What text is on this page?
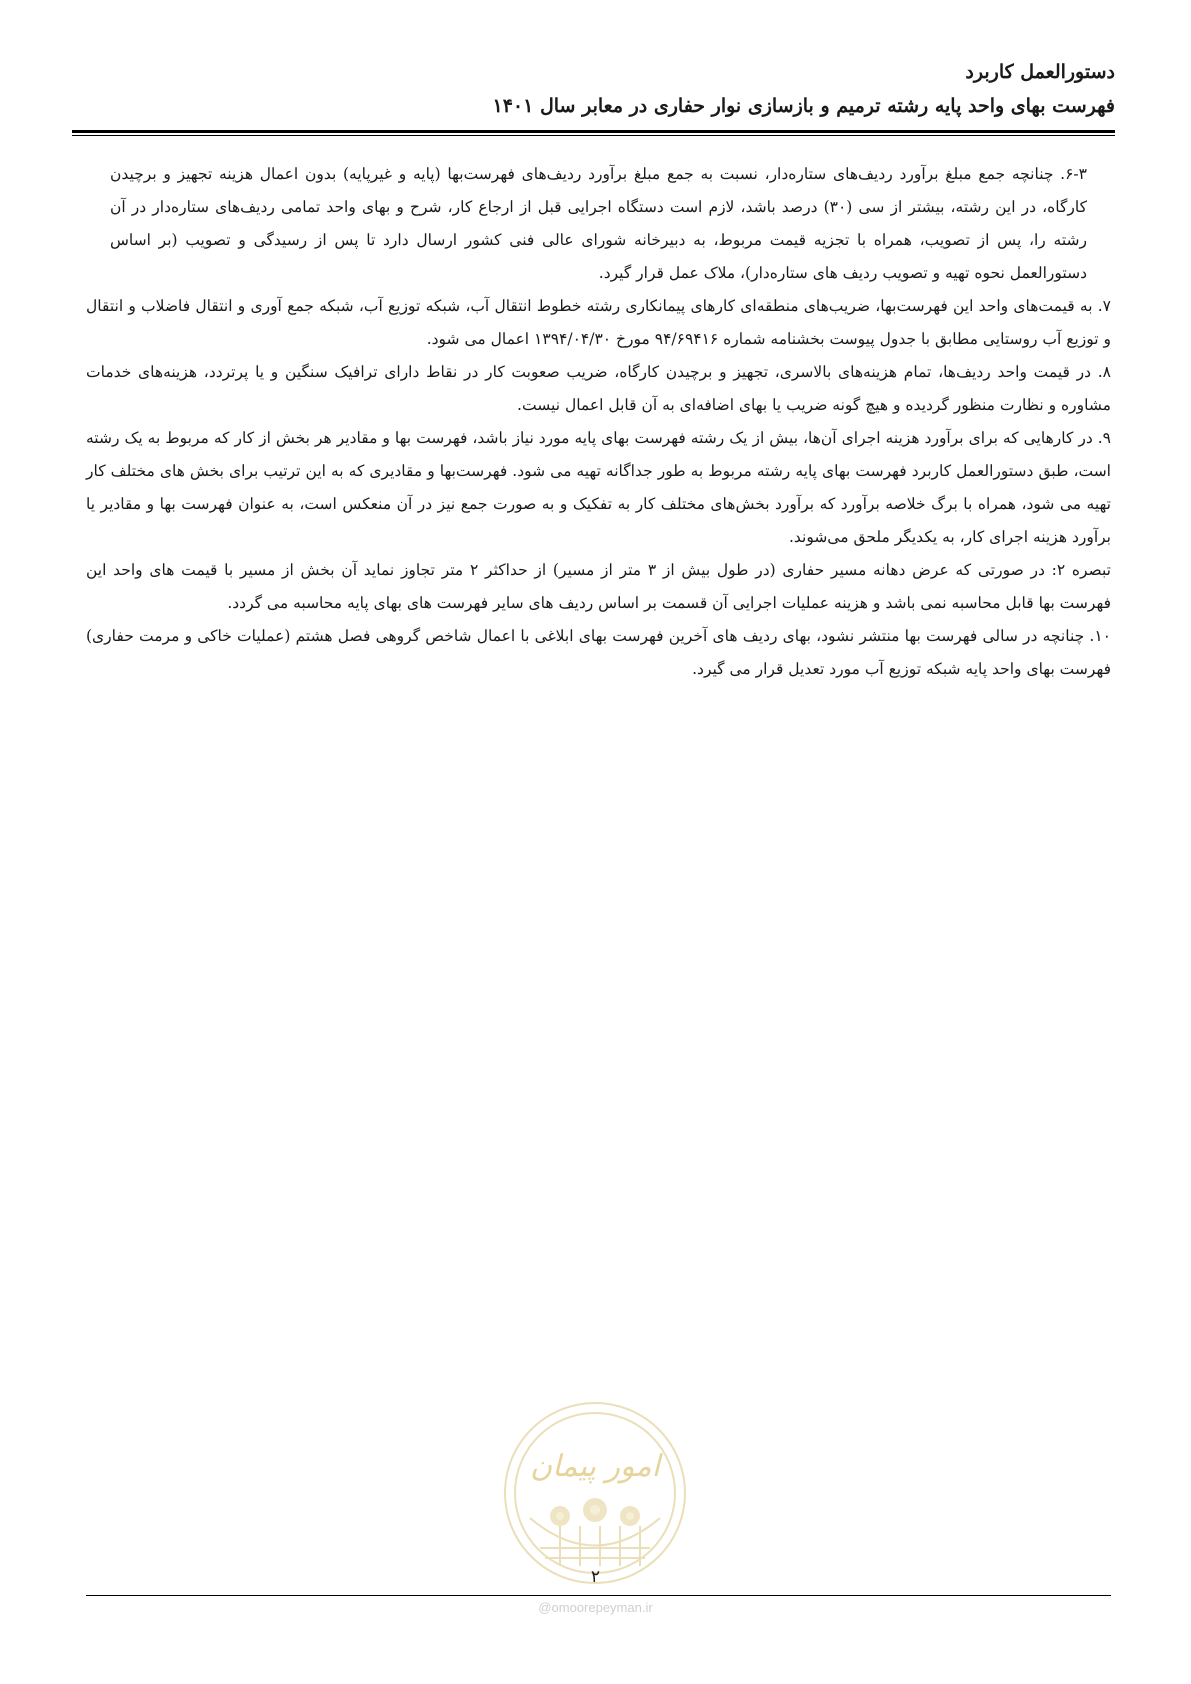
دستورالعمل کاربرد
فهرست بهای واحد پایه رشته ترمیم و بازسازی نوار حفاری در معابر سال ۱۴۰۱

۶-۳. چنانچه جمع مبلغ برآورد ردیف‌های ستاره‌دار، نسبت به جمع مبلغ برآورد ردیف‌های فهرست‌بها (پایه و غیرپایه) بدون اعمال هزینه تجهیز و برچیدن کارگاه، در این رشته، بیشتر از سی (۳۰) درصد باشد، لازم است دستگاه اجرایی قبل از ارجاع کار، شرح و بهای واحد تمامی ردیف‌های ستاره‌دار در آن رشته را، پس از تصویب، همراه با تجزیه قیمت مربوط، به دبیرخانه شورای عالی فنی کشور ارسال دارد تا پس از رسیدگی و تصویب (بر اساس دستورالعمل نحوه تهیه و تصویب ردیف های ستاره‌دار)، ملاک عمل قرار گیرد.

۷. به قیمت‌های واحد این فهرست‌بها، ضریب‌های منطقه‌ای کارهای پیمانکاری رشته خطوط انتقال آب، شبکه توزیع آب، شبکه جمع آوری و انتقال فاضلاب و انتقال و توزیع آب روستایی مطابق با جدول پیوست بخشنامه شماره ۹۴/۶۹۴۱۶ مورخ ۱۳۹۴/۰۴/۳۰ اعمال می شود.

۸. در قیمت واحد ردیف‌ها، تمام هزینه‌های بالاسری، تجهیز و برچیدن کارگاه، ضریب صعوبت کار در نقاط دارای ترافیک سنگین و یا پرتردد، هزینه‌های خدمات مشاوره و نظارت منظور گردیده و هیچ گونه ضریب یا بهای اضافه‌ای به آن قابل اعمال نیست.

۹. در کارهایی که برای برآورد هزینه اجرای آن‌ها، بیش از یک رشته فهرست بهای پایه مورد نیاز باشد، فهرست بها و مقادیر هر بخش از کار که مربوط به یک رشته است، طبق دستورالعمل کاربرد فهرست بهای پایه رشته مربوط به طور جداگانه تهیه می شود. فهرست‌بها و مقادیری که به این ترتیب برای بخش های مختلف کار تهیه می شود، همراه با برگ خلاصه برآورد که برآورد بخش‌های مختلف کار به تفکیک و به صورت جمع نیز در آن منعکس است، به عنوان فهرست بها و مقادیر یا برآورد هزینه اجرای کار، به یکدیگر ملحق می‌شوند.

تبصره ۲: در صورتی که عرض دهانه مسیر حفاری (در طول بیش از ۳ متر از مسیر) از حداکثر ۲ متر تجاوز نماید آن بخش از مسیر با قیمت های واحد این فهرست بها قابل محاسبه نمی باشد و هزینه عملیات اجرایی آن قسمت بر اساس ردیف های سایر فهرست های بهای پایه محاسبه می گردد.

۱۰. چنانچه در سالی فهرست بها منتشر نشود، بهای ردیف های آخرین فهرست بهای ابلاغی با اعمال شاخص گروهی فصل هشتم (عملیات خاکی و مرمت حفاری) فهرست بهای واحد پایه شبکه توزیع آب مورد تعدیل قرار می گیرد.

امور پیمان
۲
@omoorepeyman.ir
